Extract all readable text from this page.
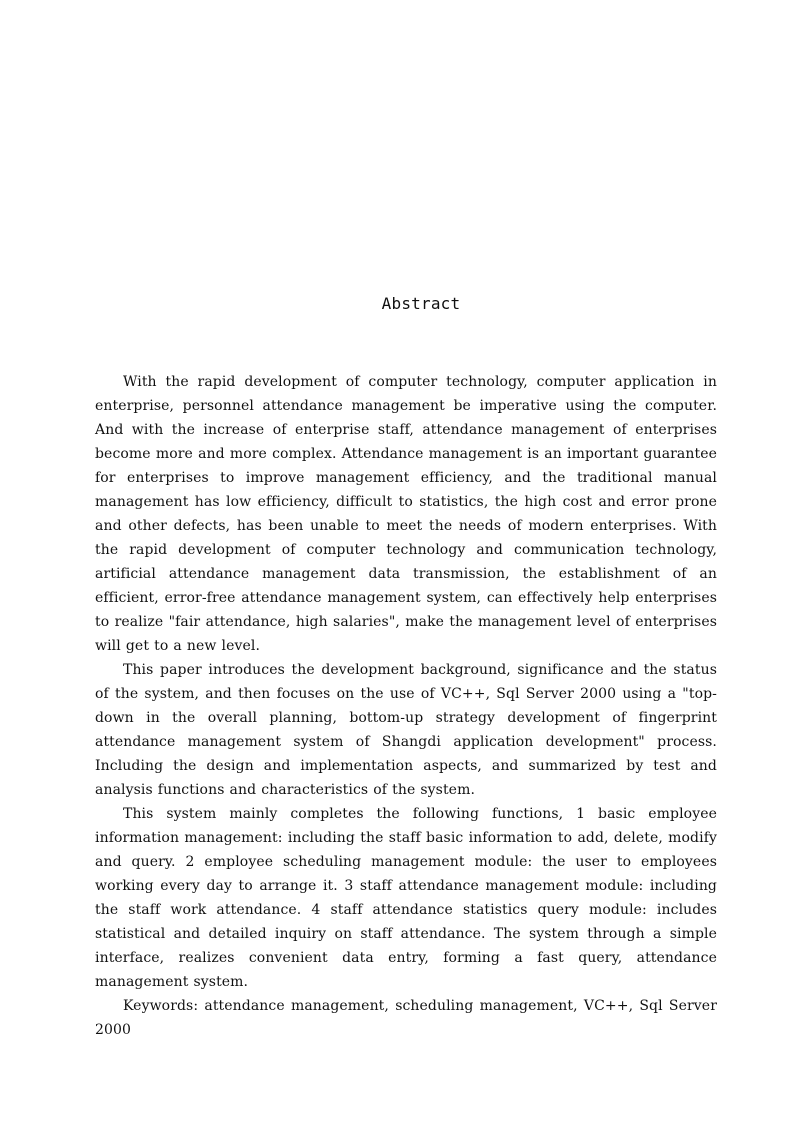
Abstract

With the rapid development of computer technology, computer application in enterprise, personnel attendance management be imperative using the computer. And with the increase of enterprise staff, attendance management of enterprises become more and more complex. Attendance management is an important guarantee for enterprises to improve management efficiency, and the traditional manual management has low efficiency, difficult to statistics, the high cost and error prone and other defects, has been unable to meet the needs of modern enterprises. With the rapid development of computer technology and communication technology, artificial attendance management data transmission, the establishment of an efficient, error-free attendance management system, can effectively help enterprises to realize "fair attendance, high salaries", make the management level of enterprises will get to a new level.

This paper introduces the development background, significance and the status of the system, and then focuses on the use of VC++, Sql Server 2000 using a "top-down in the overall planning, bottom-up strategy development of fingerprint attendance management system of Shangdi application development" process. Including the design and implementation aspects, and summarized by test and analysis functions and characteristics of the system.

This system mainly completes the following functions, 1 basic employee information management: including the staff basic information to add, delete, modify and query. 2 employee scheduling management module: the user to employees working every day to arrange it. 3 staff attendance management module: including the staff work attendance. 4 staff attendance statistics query module: includes statistical and detailed inquiry on staff attendance. The system through a simple interface, realizes convenient data entry, forming a fast query, attendance management system.

Keywords: attendance management, scheduling management, VC++, Sql Server 2000
